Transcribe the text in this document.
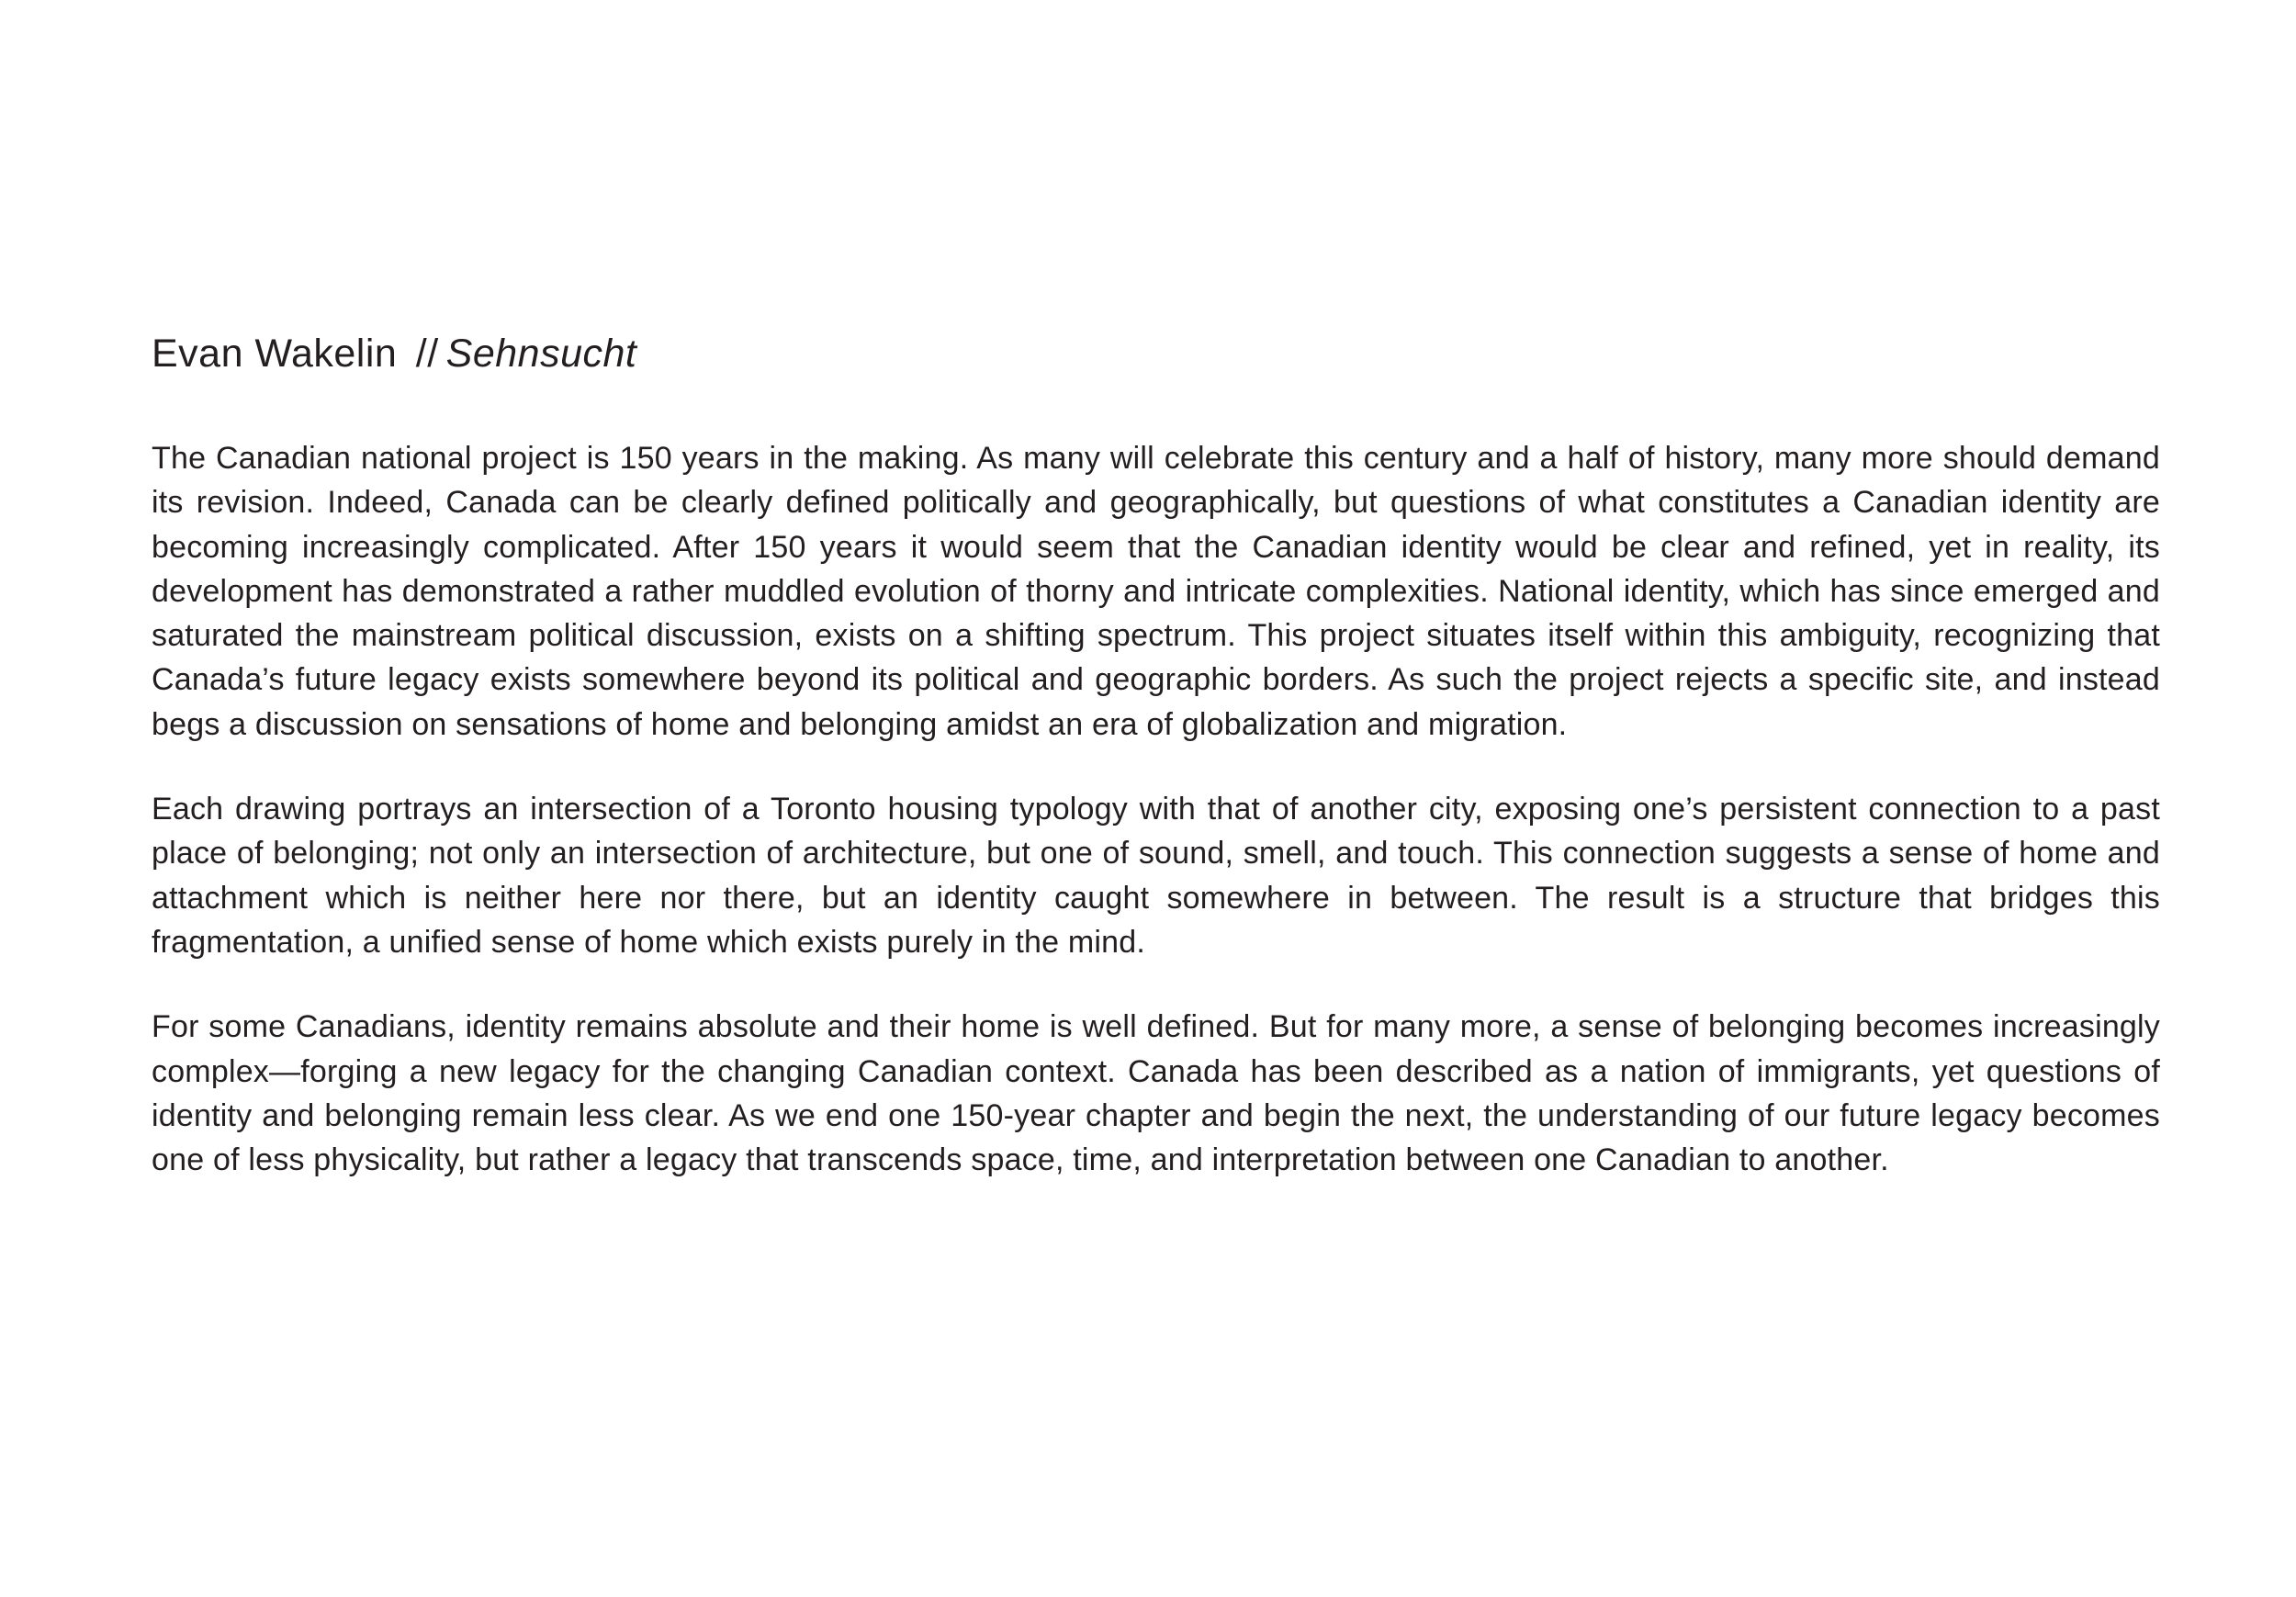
Evan Wakelin // Sehnsucht

The Canadian national project is 150 years in the making. As many will celebrate this century and a half of history, many more should demand its revision. Indeed, Canada can be clearly defined politically and geographically, but questions of what constitutes a Canadian identity are becoming increasingly complicated. After 150 years it would seem that the Canadian identity would be clear and refined, yet in reality, its development has demonstrated a rather muddled evolution of thorny and intricate complexities. National identity, which has since emerged and saturated the mainstream political discussion, exists on a shifting spectrum. This project situates itself within this ambiguity, recognizing that Canada’s future legacy exists somewhere beyond its political and geographic borders. As such the project rejects a specific site, and instead begs a discussion on sensations of home and belonging amidst an era of globalization and migration.

Each drawing portrays an intersection of a Toronto housing typology with that of another city, exposing one’s persistent connection to a past place of belonging; not only an intersection of architecture, but one of sound, smell, and touch. This connection suggests a sense of home and attachment which is neither here nor there, but an identity caught somewhere in between. The result is a structure that bridges this fragmentation, a unified sense of home which exists purely in the mind.

For some Canadians, identity remains absolute and their home is well defined. But for many more, a sense of belonging becomes increasingly complex—forging a new legacy for the changing Canadian context. Canada has been described as a nation of immigrants, yet questions of identity and belonging remain less clear. As we end one 150-year chapter and begin the next, the understanding of our future legacy becomes one of less physicality, but rather a legacy that transcends space, time, and interpretation between one Canadian to another.
